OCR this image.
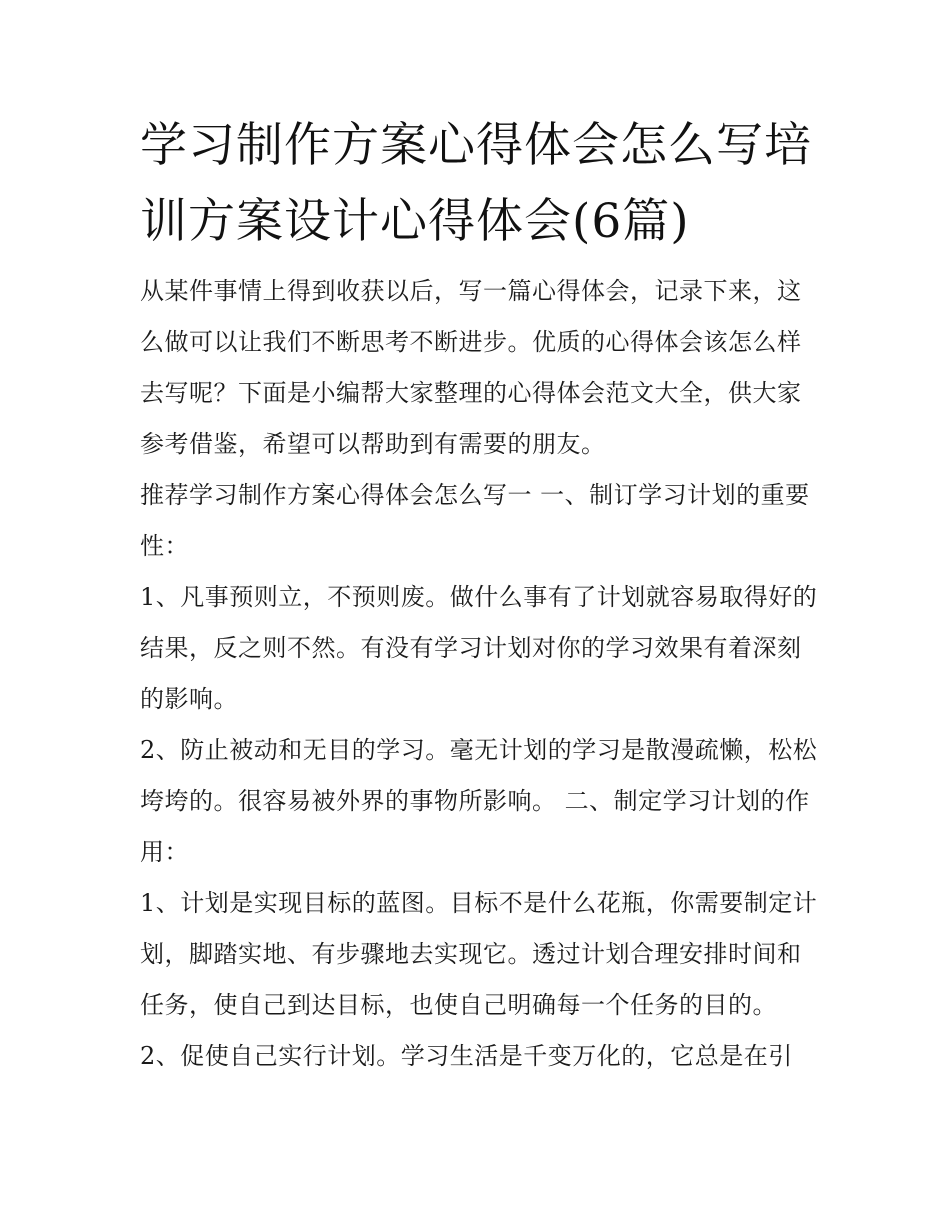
学习制作方案心得体会怎么写培训方案设计心得体会(6篇)

从某件事情上得到收获以后，写一篇心得体会，记录下来，这么做可以让我们不断思考不断进步。优质的心得体会该怎么样去写呢？下面是小编帮大家整理的心得体会范文大全，供大家参考借鉴，希望可以帮助到有需要的朋友。

推荐学习制作方案心得体会怎么写一 一、制订学习计划的重要性：

1、凡事预则立，不预则废。做什么事有了计划就容易取得好的结果，反之则不然。有没有学习计划对你的学习效果有着深刻的影响。

2、防止被动和无目的学习。毫无计划的学习是散漫疏懒，松松垮垮的。很容易被外界的事物所影响。 二、制定学习计划的作用：

1、计划是实现目标的蓝图。目标不是什么花瓶，你需要制定计划，脚踏实地、有步骤地去实现它。透过计划合理安排时间和任务，使自己到达目标，也使自己明确每一个任务的目的。

2、促使自己实行计划。学习生活是千变万化的，它总是在引
